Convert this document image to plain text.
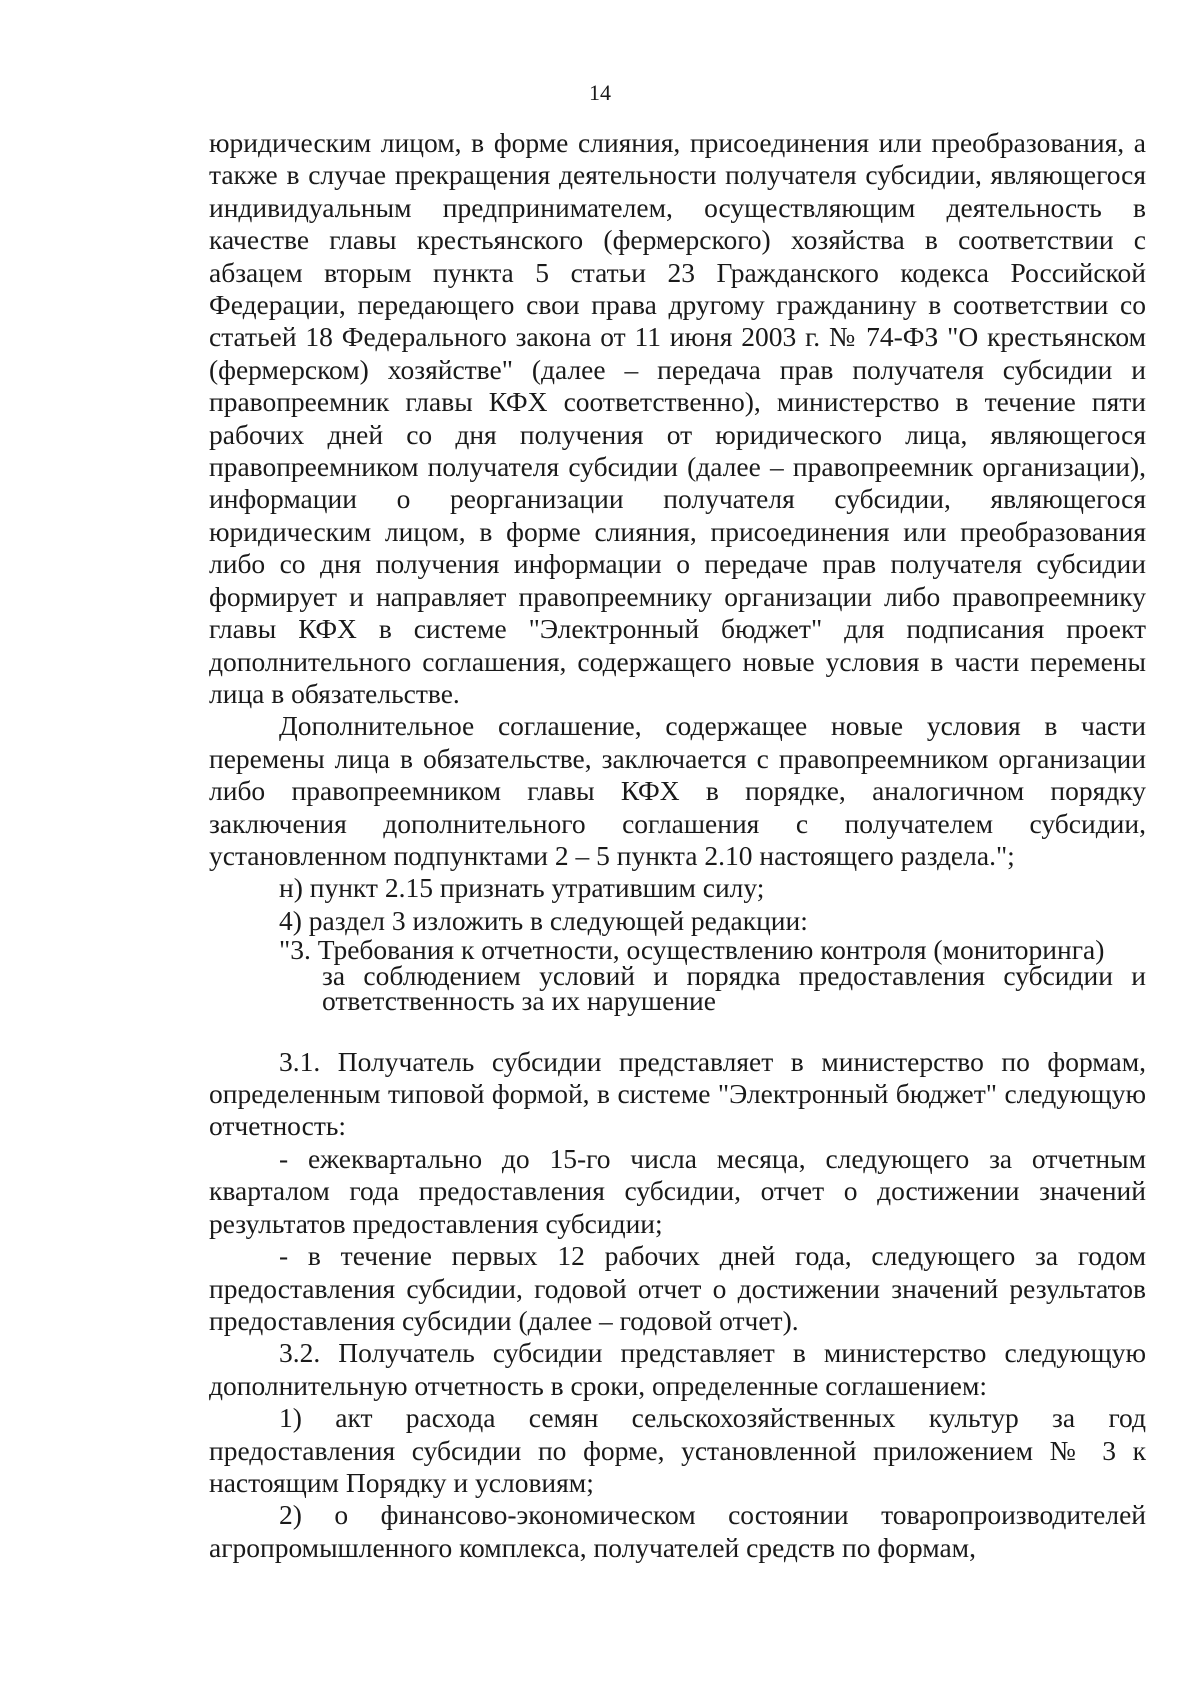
14

юридическим лицом, в форме слияния, присоединения или преобразования, а также в случае прекращения деятельности получателя субсидии, являющегося индивидуальным предпринимателем, осуществляющим деятельность в качестве главы крестьянского (фермерского) хозяйства в соответствии с абзацем вторым пункта 5 статьи 23 Гражданского кодекса Российской Федерации, передающего свои права другому гражданину в соответствии со статьей 18 Федерального закона от 11 июня 2003 г. № 74-ФЗ "О крестьянском (фермерском) хозяйстве" (далее – передача прав получателя субсидии и правопреемник главы КФХ соответственно), министерство в течение пяти рабочих дней со дня получения от юридического лица, являющегося правопреемником получателя субсидии (далее – правопреемник организации), информации о реорганизации получателя субсидии, являющегося юридическим лицом, в форме слияния, присоединения или преобразования либо со дня получения информации о передаче прав получателя субсидии формирует и направляет правопреемнику организации либо правопреемнику главы КФХ в системе "Электронный бюджет" для подписания проект дополнительного соглашения, содержащего новые условия в части перемены лица в обязательстве.

Дополнительное соглашение, содержащее новые условия в части перемены лица в обязательстве, заключается с правопреемником организации либо правопреемником главы КФХ в порядке, аналогичном порядку заключения дополнительного соглашения с получателем субсидии, установленном подпунктами 2 – 5 пункта 2.10 настоящего раздела.";

н) пункт 2.15 признать утратившим силу;

4) раздел 3 изложить в следующей редакции:

"3. Требования к отчетности, осуществлению контроля (мониторинга)
за соблюдением условий и порядка предоставления субсидии и ответственность за их нарушение

3.1. Получатель субсидии представляет в министерство по формам, определенным типовой формой, в системе "Электронный бюджет" следующую отчетность:

- ежеквартально до 15-го числа месяца, следующего за отчетным кварталом года предоставления субсидии, отчет о достижении значений результатов предоставления субсидии;

- в течение первых 12 рабочих дней года, следующего за годом предоставления субсидии, годовой отчет о достижении значений результатов предоставления субсидии (далее – годовой отчет).

3.2. Получатель субсидии представляет в министерство следующую дополнительную отчетность в сроки, определенные соглашением:

1) акт расхода семян сельскохозяйственных культур за год предоставления субсидии по форме, установленной приложением № 3 к настоящим Порядку и условиям;

2) о финансово-экономическом состоянии товаропроизводителей агропромышленного комплекса, получателей средств по формам,
